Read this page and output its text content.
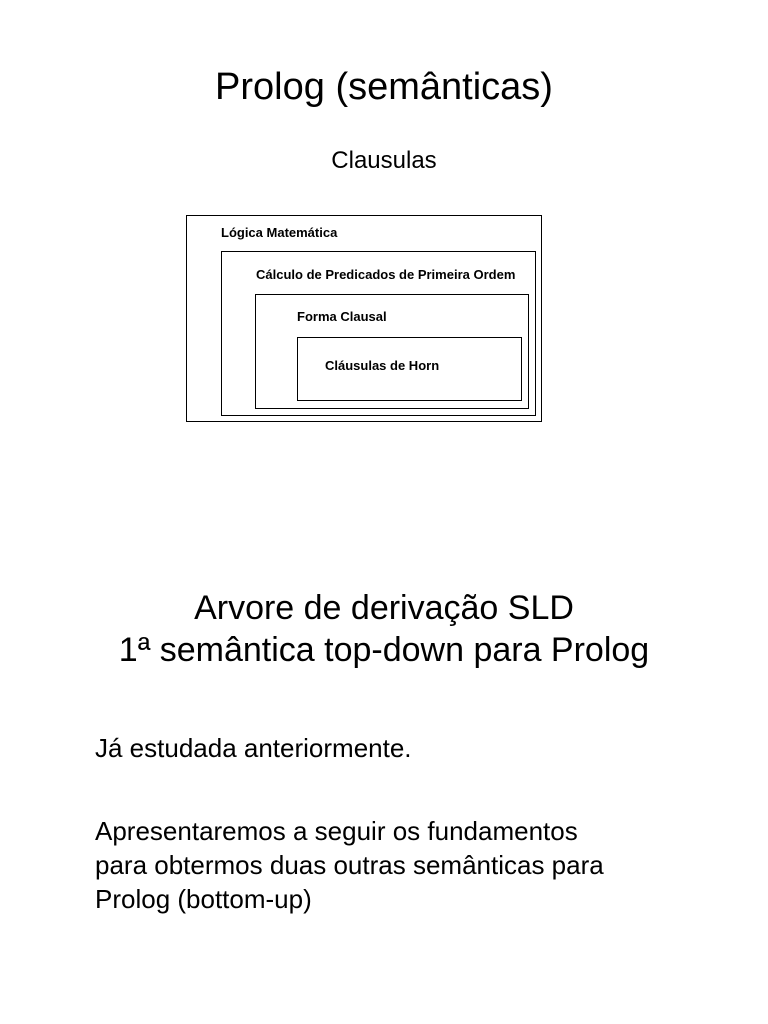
Prolog (semânticas)
Clausulas
Lógica Matemática
Cálculo de Predicados de Primeira Ordem
Forma Clausal
Cláusulas de Horn
Arvore de derivação SLD
1ª semântica top-down para Prolog
Já estudada anteriormente.
Apresentaremos a seguir os fundamentos
para obtermos duas outras semânticas para
Prolog (bottom-up)
